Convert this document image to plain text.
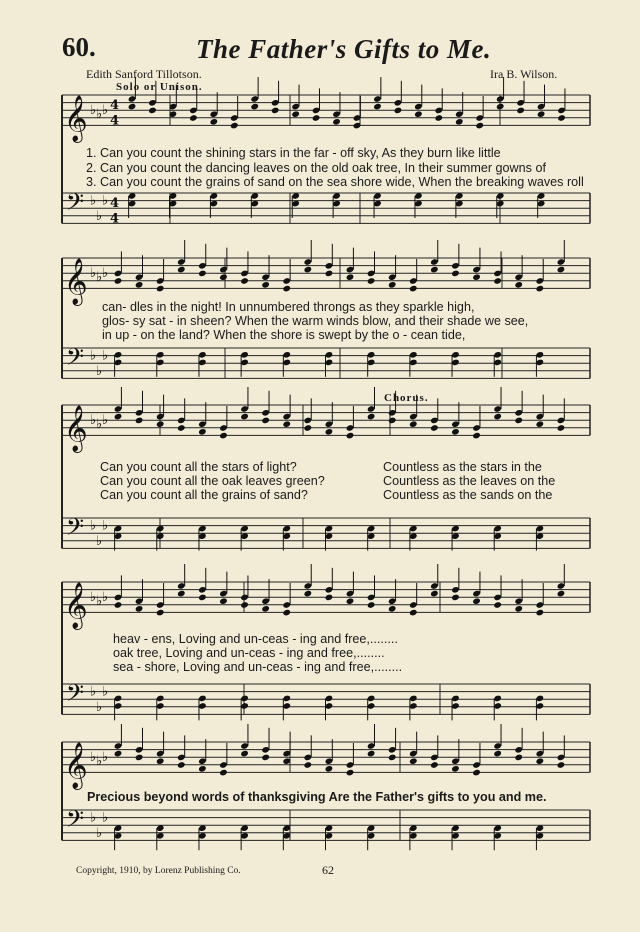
60.	The Father's Gifts to Me.
Edith Sanford Tillotson.	Ira B. Wilson.
Solo or Unison.
Chorus.
𝄞
𝄢
♭
♭
♭
♭
♭
♭
4
4
4
4
𝄞
𝄢
♭
♭
♭
♭
♭
♭
𝄞
𝄢
♭
♭
♭
♭
♭
♭
𝄞
𝄢
♭
♭
♭
♭
♭
♭
𝄞
𝄢
♭
♭
♭
♭
♭
♭
1. Can you count the shining stars in the far - off sky, As they burn like little
2. Can you count the dancing leaves on the old oak tree, In their summer gowns of
3. Can you count the grains of sand on the sea shore wide, When the breaking waves roll
can- dles in the night! In unnumbered throngs as they sparkle high,
glos- sy sat - in sheen? When the warm winds blow, and their shade we see,
in up - on the land? When the shore is swept by the o - cean tide,
Can you count all the stars of light?
Can you count all the oak leaves green?
Can you count all the grains of sand?
Countless as the stars in the
Countless as the leaves on the
Countless as the sands on the
heav - ens, Loving and un-ceas - ing and free,........
oak tree, Loving and un-ceas - ing and free,........
sea - shore, Loving and un-ceas - ing and free,........
Precious beyond words of thanksgiving Are the Father's gifts to you and me.
Copyright, 1910, by Lorenz Publishing Co.	62
